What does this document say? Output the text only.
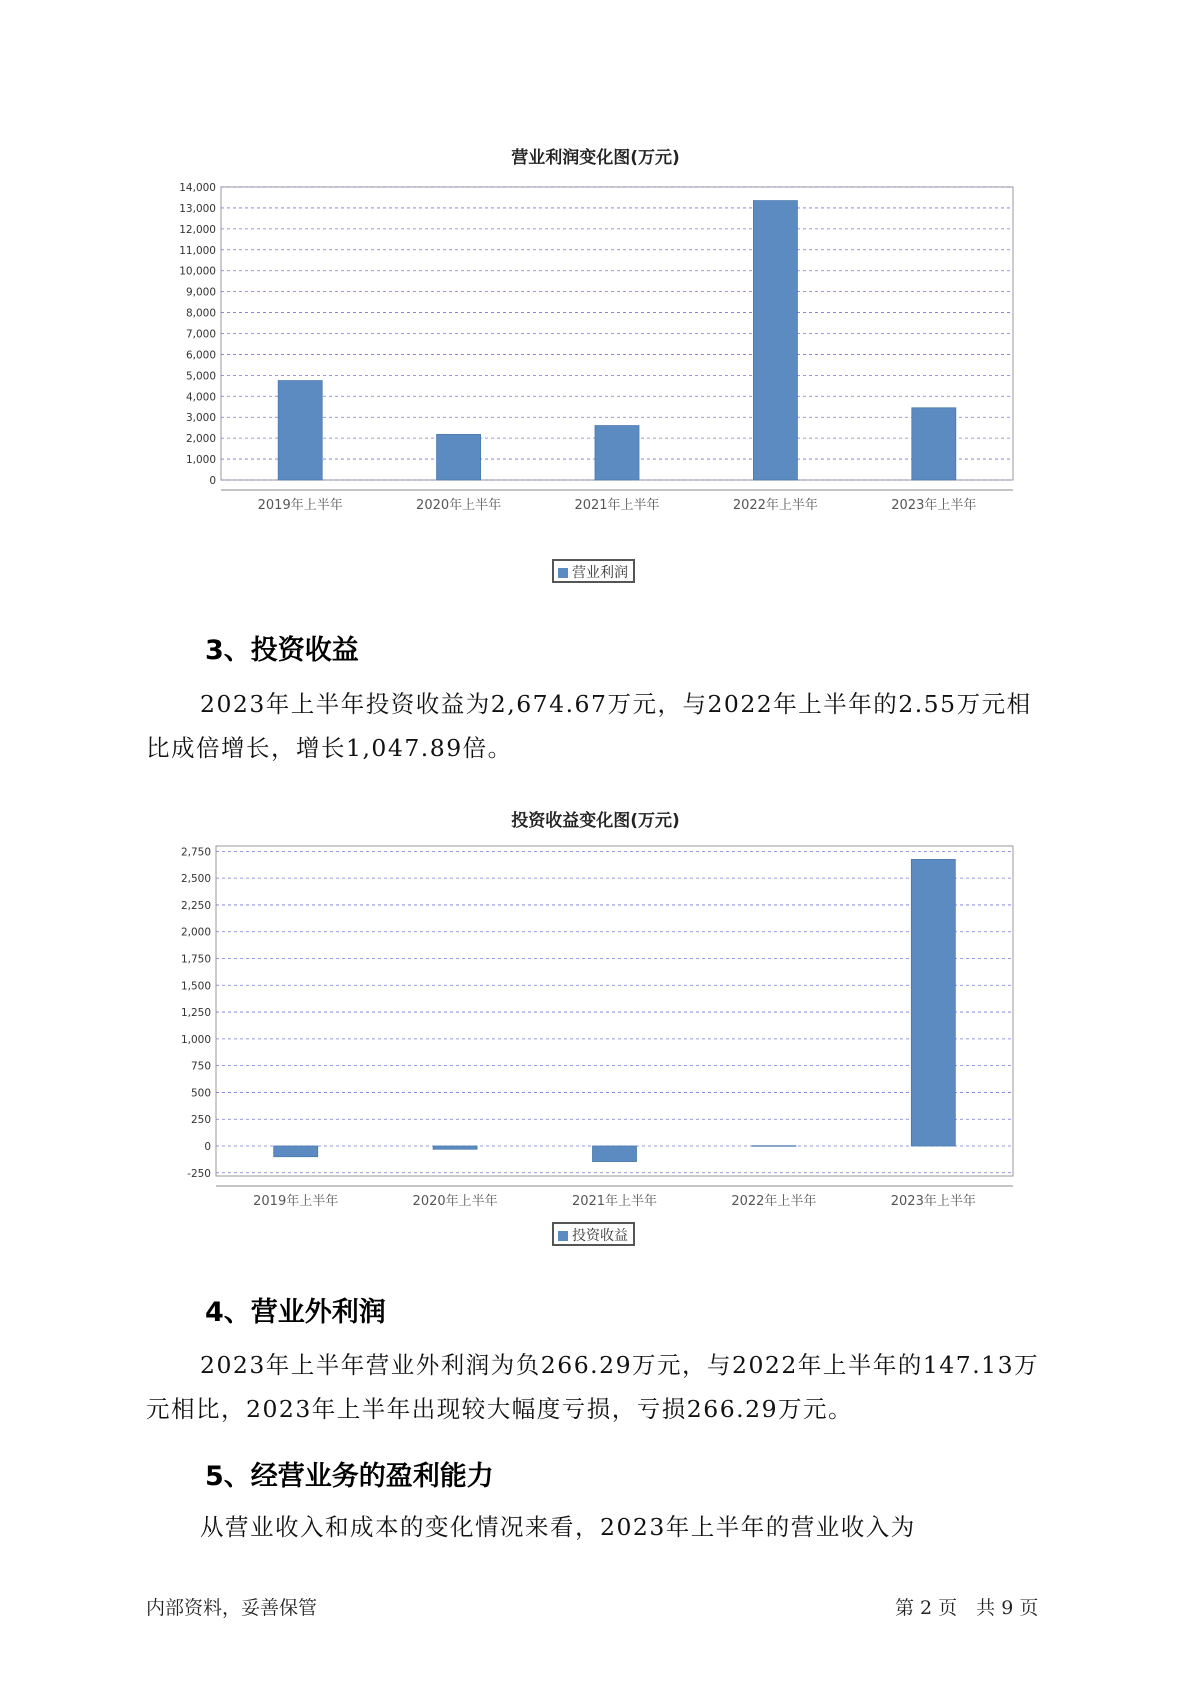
营业利润变化图(万元)
0
1,000
2,000
3,000
4,000
5,000
6,000
7,000
8,000
9,000
10,000
11,000
12,000
13,000
14,000
2019年上半年	2020年上半年	2021年上半年	2022年上半年	2023年上半年
营业利润
3、投资收益

2023年上半年投资收益为2,674.67万元，与2022年上半年的2.55万元相比成倍增长，增长1,047.89倍。

投资收益变化图(万元)
-250
0
250
500
750
1,000
1,250
1,500
1,750
2,000
2,250
2,500
2,750
2019年上半年	2020年上半年	2021年上半年	2022年上半年	2023年上半年
投资收益
4、营业外利润

2023年上半年营业外利润为负266.29万元，与2022年上半年的147.13万元相比，2023年上半年出现较大幅度亏损，亏损266.29万元。

5、经营业务的盈利能力

从营业收入和成本的变化情况来看，2023年上半年的营业收入为

内部资料，妥善保管	第 2 页　共 9 页
